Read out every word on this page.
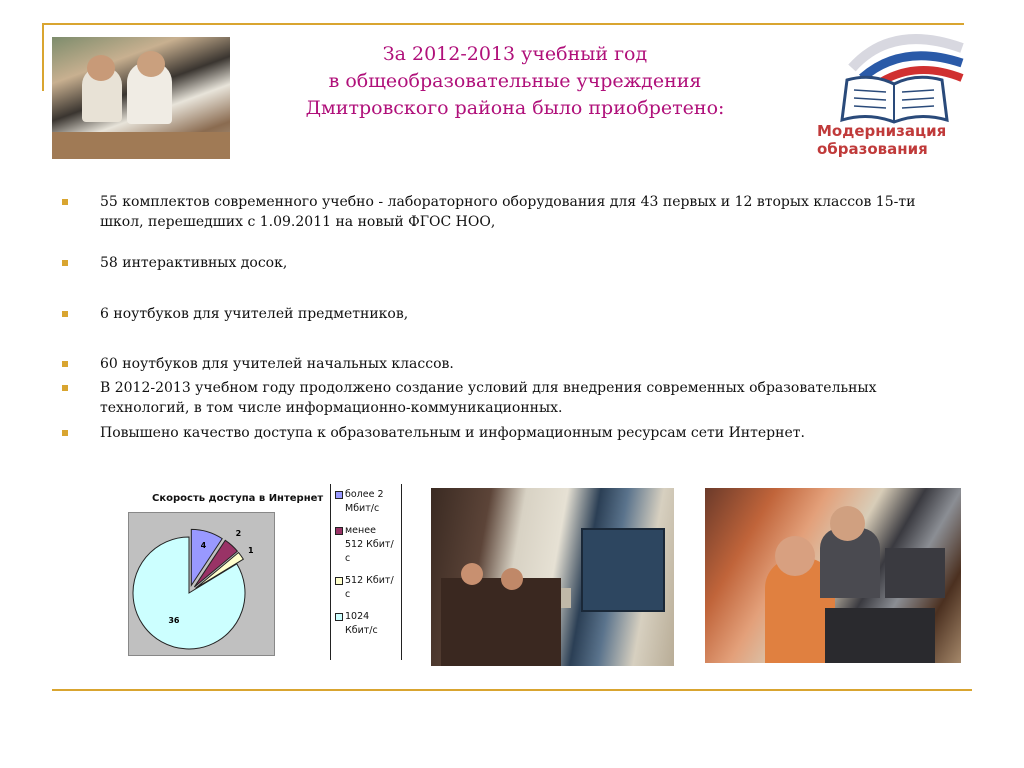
За 2012-2013 учебный год
в общеобразовательные учреждения
Дмитровского района было приобретено:
Модернизация
образования
55 комплектов современного учебно - лабораторного оборудования для 43 первых и 12 вторых классов 15-ти школ, перешедших с 1.09.2011 на новый ФГОС НОО,
58 интерактивных досок,
6 ноутбуков для учителей предметников,
60 ноутбуков для учителей начальных классов.
В 2012-2013 учебном году продолжено создание условий для внедрения современных образовательных технологий, в том числе информационно-коммуникационных.
Повышено качество доступа к образовательным и информационным ресурсам сети Интернет.
Скорость доступа в Интернет
4
2
1
36
более 2 Мбит/с
менее 512 Кбит/с
512 Кбит/с
1024 Кбит/с
